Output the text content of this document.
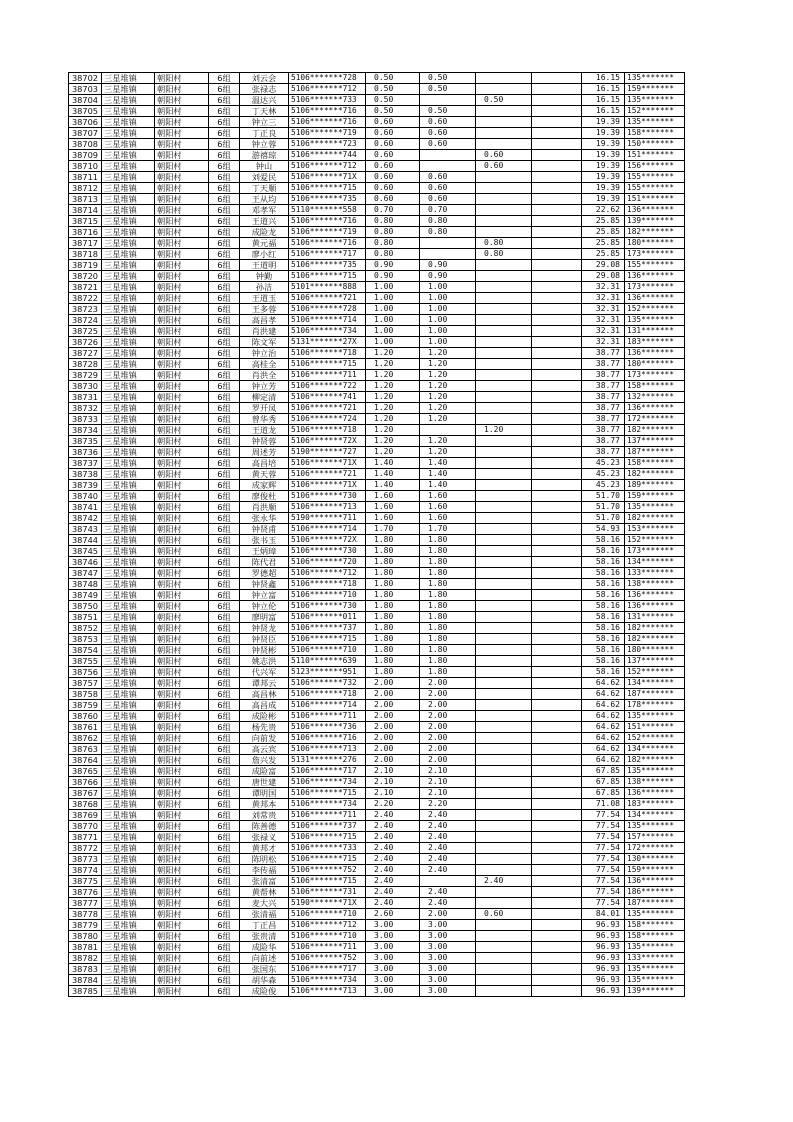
38702	三星堆镇	朝阳村	6组	刘云会	5106*******728	0.50	0.50			16.15	135*******
38703	三星堆镇	朝阳村	6组	张禄志	5106*******712	0.50	0.50			16.15	159*******
38704	三星堆镇	朝阳村	6组	温达兴	5106*******733	0.50		0.50		16.15	135*******
38705	三星堆镇	朝阳村	6组	丁天林	5106*******716	0.50	0.50			16.15	152*******
38706	三星堆镇	朝阳村	6组	钟立三	5106*******716	0.60	0.60			19.39	135*******
38707	三星堆镇	朝阳村	6组	丁正良	5106*******719	0.60	0.60			19.39	158*******
38708	三星堆镇	朝阳村	6组	钟立蓉	5106*******723	0.60	0.60			19.39	150*******
38709	三星堆镇	朝阳村	6组	游禧琼	5106*******744	0.60		0.60		19.39	151*******
38710	三星堆镇	朝阳村	6组	钟山	5106*******712	0.60		0.60		19.39	156*******
38711	三星堆镇	朝阳村	6组	刘爱民	5106*******71X	0.60	0.60			19.39	155*******
38712	三星堆镇	朝阳村	6组	丁天顺	5106*******715	0.60	0.60			19.39	155*******
38713	三星堆镇	朝阳村	6组	王从均	5106*******735	0.60	0.60			19.39	151*******
38714	三星堆镇	朝阳村	6组	邓孝军	5110*******558	0.70	0.70			22.62	136*******
38715	三星堆镇	朝阳村	6组	王道兴	5106*******716	0.80	0.80			25.85	139*******
38716	三星堆镇	朝阳村	6组	成险龙	5106*******719	0.80	0.80			25.85	182*******
38717	三星堆镇	朝阳村	6组	黄元福	5106*******716	0.80		0.80		25.85	180*******
38718	三星堆镇	朝阳村	6组	廖小红	5106*******717	0.80		0.80		25.85	173*******
38719	三星堆镇	朝阳村	6组	王道明	5106*******735	0.90	0.90			29.08	155*******
38720	三星堆镇	朝阳村	6组	钟勤	5106*******715	0.90	0.90			29.08	136*******
38721	三星堆镇	朝阳村	6组	孙洁	5101*******888	1.00	1.00			32.31	173*******
38722	三星堆镇	朝阳村	6组	王道玉	5106*******721	1.00	1.00			32.31	136*******
38723	三星堆镇	朝阳村	6组	王多蓉	5106*******728	1.00	1.00			32.31	152*******
38724	三星堆镇	朝阳村	6组	高昌孝	5106*******714	1.00	1.00			32.31	135*******
38725	三星堆镇	朝阳村	6组	肖洪建	5106*******734	1.00	1.00			32.31	131*******
38726	三星堆镇	朝阳村	6组	陈文军	5131*******27X	1.00	1.00			32.31	183*******
38727	三星堆镇	朝阳村	6组	钟立治	5106*******718	1.20	1.20			38.77	136*******
38728	三星堆镇	朝阳村	6组	高桂全	5106*******715	1.20	1.20			38.77	180*******
38729	三星堆镇	朝阳村	6组	肖洪全	5106*******711	1.20	1.20			38.77	173*******
38730	三星堆镇	朝阳村	6组	钟立芳	5106*******722	1.20	1.20			38.77	158*******
38731	三星堆镇	朝阳村	6组	柳定清	5106*******741	1.20	1.20			38.77	132*******
38732	三星堆镇	朝阳村	6组	罗开凤	5106*******721	1.20	1.20			38.77	136*******
38733	三星堆镇	朝阳村	6组	曾华秀	5106*******724	1.20	1.20			38.77	172*******
38734	三星堆镇	朝阳村	6组	王道龙	5106*******718	1.20		1.20		38.77	182*******
38735	三星堆镇	朝阳村	6组	钟贤蓉	5106*******72X	1.20	1.20			38.77	137*******
38736	三星堆镇	朝阳村	6组	周述芳	5190*******727	1.20	1.20			38.77	187*******
38737	三星堆镇	朝阳村	6组	高昌培	5106*******71X	1.40	1.40			45.23	158*******
38738	三星堆镇	朝阳村	6组	黄天蓉	5106*******721	1.40	1.40			45.23	182*******
38739	三星堆镇	朝阳村	6组	成家辉	5106*******71X	1.40	1.40			45.23	189*******
38740	三星堆镇	朝阳村	6组	廖俊杜	5106*******730	1.60	1.60			51.70	159*******
38741	三星堆镇	朝阳村	6组	肖洪顺	5106*******713	1.60	1.60			51.70	135*******
38742	三星堆镇	朝阳村	6组	张永华	5190*******711	1.60	1.60			51.70	182*******
38743	三星堆镇	朝阳村	6组	钟贤甫	5106*******714	1.70	1.70			54.93	153*******
38744	三星堆镇	朝阳村	6组	张书玉	5106*******72X	1.80	1.80			58.16	152*******
38745	三星堆镇	朝阳村	6组	王炳璋	5106*******730	1.80	1.80			58.16	173*******
38746	三星堆镇	朝阳村	6组	陈代君	5106*******720	1.80	1.80			58.16	134*******
38747	三星堆镇	朝阳村	6组	罗德超	5106*******712	1.80	1.80			58.16	133*******
38748	三星堆镇	朝阳村	6组	钟贤鑫	5106*******718	1.80	1.80			58.16	138*******
38749	三星堆镇	朝阳村	6组	钟立富	5106*******710	1.80	1.80			58.16	136*******
38750	三星堆镇	朝阳村	6组	钟立伦	5106*******730	1.80	1.80			58.16	136*******
38751	三星堆镇	朝阳村	6组	廖明富	5106*******011	1.80	1.80			58.16	131*******
38752	三星堆镇	朝阳村	6组	钟贤龙	5106*******737	1.80	1.80			58.16	182*******
38753	三星堆镇	朝阳村	6组	钟贤臣	5106*******715	1.80	1.80			58.16	182*******
38754	三星堆镇	朝阳村	6组	钟贤彬	5106*******710	1.80	1.80			58.16	180*******
38755	三星堆镇	朝阳村	6组	姚志洪	5110*******639	1.80	1.80			58.16	137*******
38756	三星堆镇	朝阳村	6组	代兴军	5123*******951	1.80	1.80			58.16	152*******
38757	三星堆镇	朝阳村	6组	谭邦云	5106*******732	2.00	2.00			64.62	134*******
38758	三星堆镇	朝阳村	6组	高昌林	5106*******718	2.00	2.00			64.62	187*******
38759	三星堆镇	朝阳村	6组	高昌成	5106*******714	2.00	2.00			64.62	178*******
38760	三星堆镇	朝阳村	6组	成险彬	5106*******711	2.00	2.00			64.62	135*******
38761	三星堆镇	朝阳村	6组	杨先贵	5106*******736	2.00	2.00			64.62	151*******
38762	三星堆镇	朝阳村	6组	向前发	5106*******716	2.00	2.00			64.62	152*******
38763	三星堆镇	朝阳村	6组	高云宾	5106*******713	2.00	2.00			64.62	134*******
38764	三星堆镇	朝阳村	6组	詹兴发	5131*******276	2.00	2.00			64.62	182*******
38765	三星堆镇	朝阳村	6组	成险富	5106*******717	2.10	2.10			67.85	135*******
38766	三星堆镇	朝阳村	6组	唐世建	5106*******734	2.10	2.10			67.85	138*******
38767	三星堆镇	朝阳村	6组	谭明国	5106*******715	2.10	2.10			67.85	136*******
38768	三星堆镇	朝阳村	6组	黄邦本	5106*******734	2.20	2.20			71.08	183*******
38769	三星堆镇	朝阳村	6组	刘常贵	5106*******711	2.40	2.40			77.54	134*******
38770	三星堆镇	朝阳村	6组	陈善德	5106*******737	2.40	2.40			77.54	135*******
38771	三星堆镇	朝阳村	6组	张禄义	5106*******715	2.40	2.40			77.54	157*******
38772	三星堆镇	朝阳村	6组	黄邦才	5106*******733	2.40	2.40			77.54	172*******
38773	三星堆镇	朝阳村	6组	陈明松	5106*******715	2.40	2.40			77.54	130*******
38774	三星堆镇	朝阳村	6组	李传福	5106*******752	2.40	2.40			77.54	159*******
38775	三星堆镇	朝阳村	6组	张清富	5106*******715	2.40		2.40		77.54	136*******
38776	三星堆镇	朝阳村	6组	黄帮林	5106*******731	2.40	2.40			77.54	186*******
38777	三星堆镇	朝阳村	6组	麦大兴	5190*******71X	2.40	2.40			77.54	187*******
38778	三星堆镇	朝阳村	6组	张清福	5106*******710	2.60	2.00	0.60		84.01	135*******
38779	三星堆镇	朝阳村	6组	丁正昌	5106*******712	3.00	3.00			96.93	158*******
38780	三星堆镇	朝阳村	6组	张贵清	5106*******710	3.00	3.00			96.93	158*******
38781	三星堆镇	朝阳村	6组	成险华	5106*******711	3.00	3.00			96.93	135*******
38782	三星堆镇	朝阳村	6组	向前述	5106*******752	3.00	3.00			96.93	133*******
38783	三星堆镇	朝阳村	6组	张国东	5106*******717	3.00	3.00			96.93	135*******
38784	三星堆镇	朝阳村	6组	胡华森	5106*******734	3.00	3.00			96.93	135*******
38785	三星堆镇	朝阳村	6组	成险俊	5106*******713	3.00	3.00			96.93	139*******
